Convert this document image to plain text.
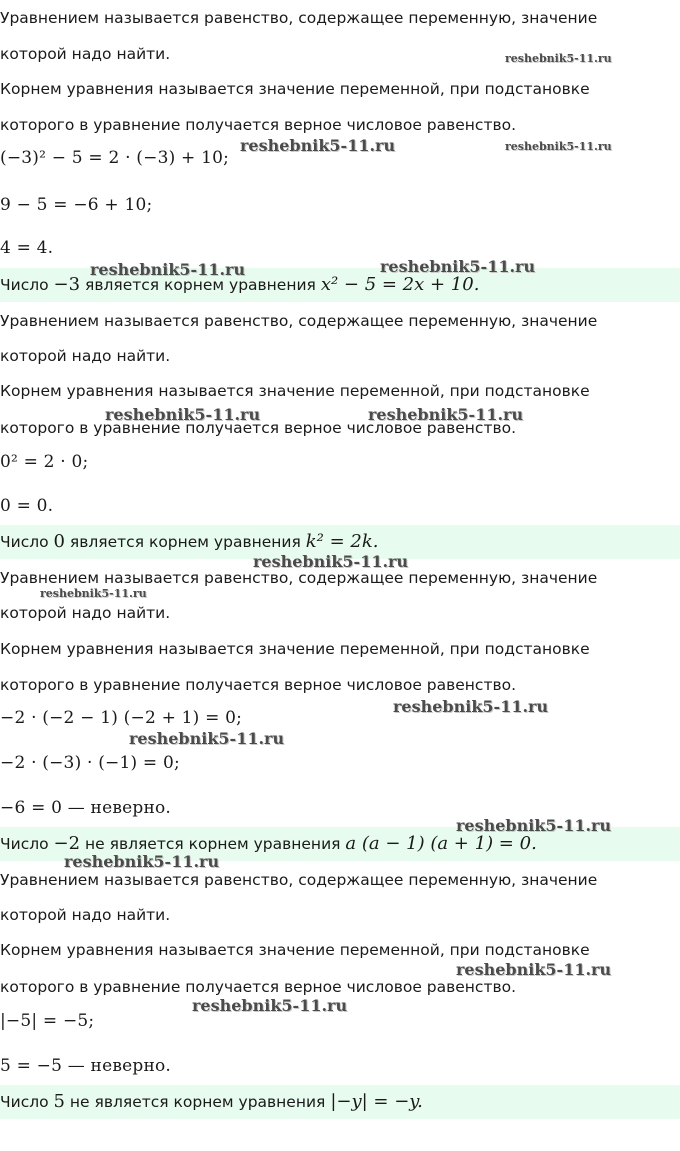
Уравнением называется равенство, содержащее переменную, значение
которой надо найти.
Корнем уравнения называется значение переменной, при подстановке
которого в уравнение получается верное числовое равенство.
(−3)² − 5 = 2 · (−3) + 10;
9 − 5 = −6 + 10;
4 = 4.
Число −3 является корнем уравнения x² − 5 = 2x + 10.
Уравнением называется равенство, содержащее переменную, значение
которой надо найти.
Корнем уравнения называется значение переменной, при подстановке
которого в уравнение получается верное числовое равенство.
0² = 2 · 0;
0 = 0.
Число 0 является корнем уравнения k² = 2k.
Уравнением называется равенство, содержащее переменную, значение
которой надо найти.
Корнем уравнения называется значение переменной, при подстановке
которого в уравнение получается верное числовое равенство.
−2 · (−2 − 1) (−2 + 1) = 0;
−2 · (−3) · (−1) = 0;
−6 = 0 — неверно.
Число −2 не является корнем уравнения a (a − 1) (a + 1) = 0.
Уравнением называется равенство, содержащее переменную, значение
которой надо найти.
Корнем уравнения называется значение переменной, при подстановке
которого в уравнение получается верное числовое равенство.
|−5| = −5;
5 = −5 — неверно.
Число 5 не является корнем уравнения |−y| = −y.
reshebnik5-11.ru
reshebnik5-11.ru	reshebnik5-11.ru
reshebnik5-11.ru	reshebnik5-11.ru
reshebnik5-11.ru	reshebnik5-11.ru
reshebnik5-11.ru
reshebnik5-11.ru
reshebnik5-11.ru
reshebnik5-11.ru
reshebnik5-11.ru
reshebnik5-11.ru
reshebnik5-11.ru
reshebnik5-11.ru
